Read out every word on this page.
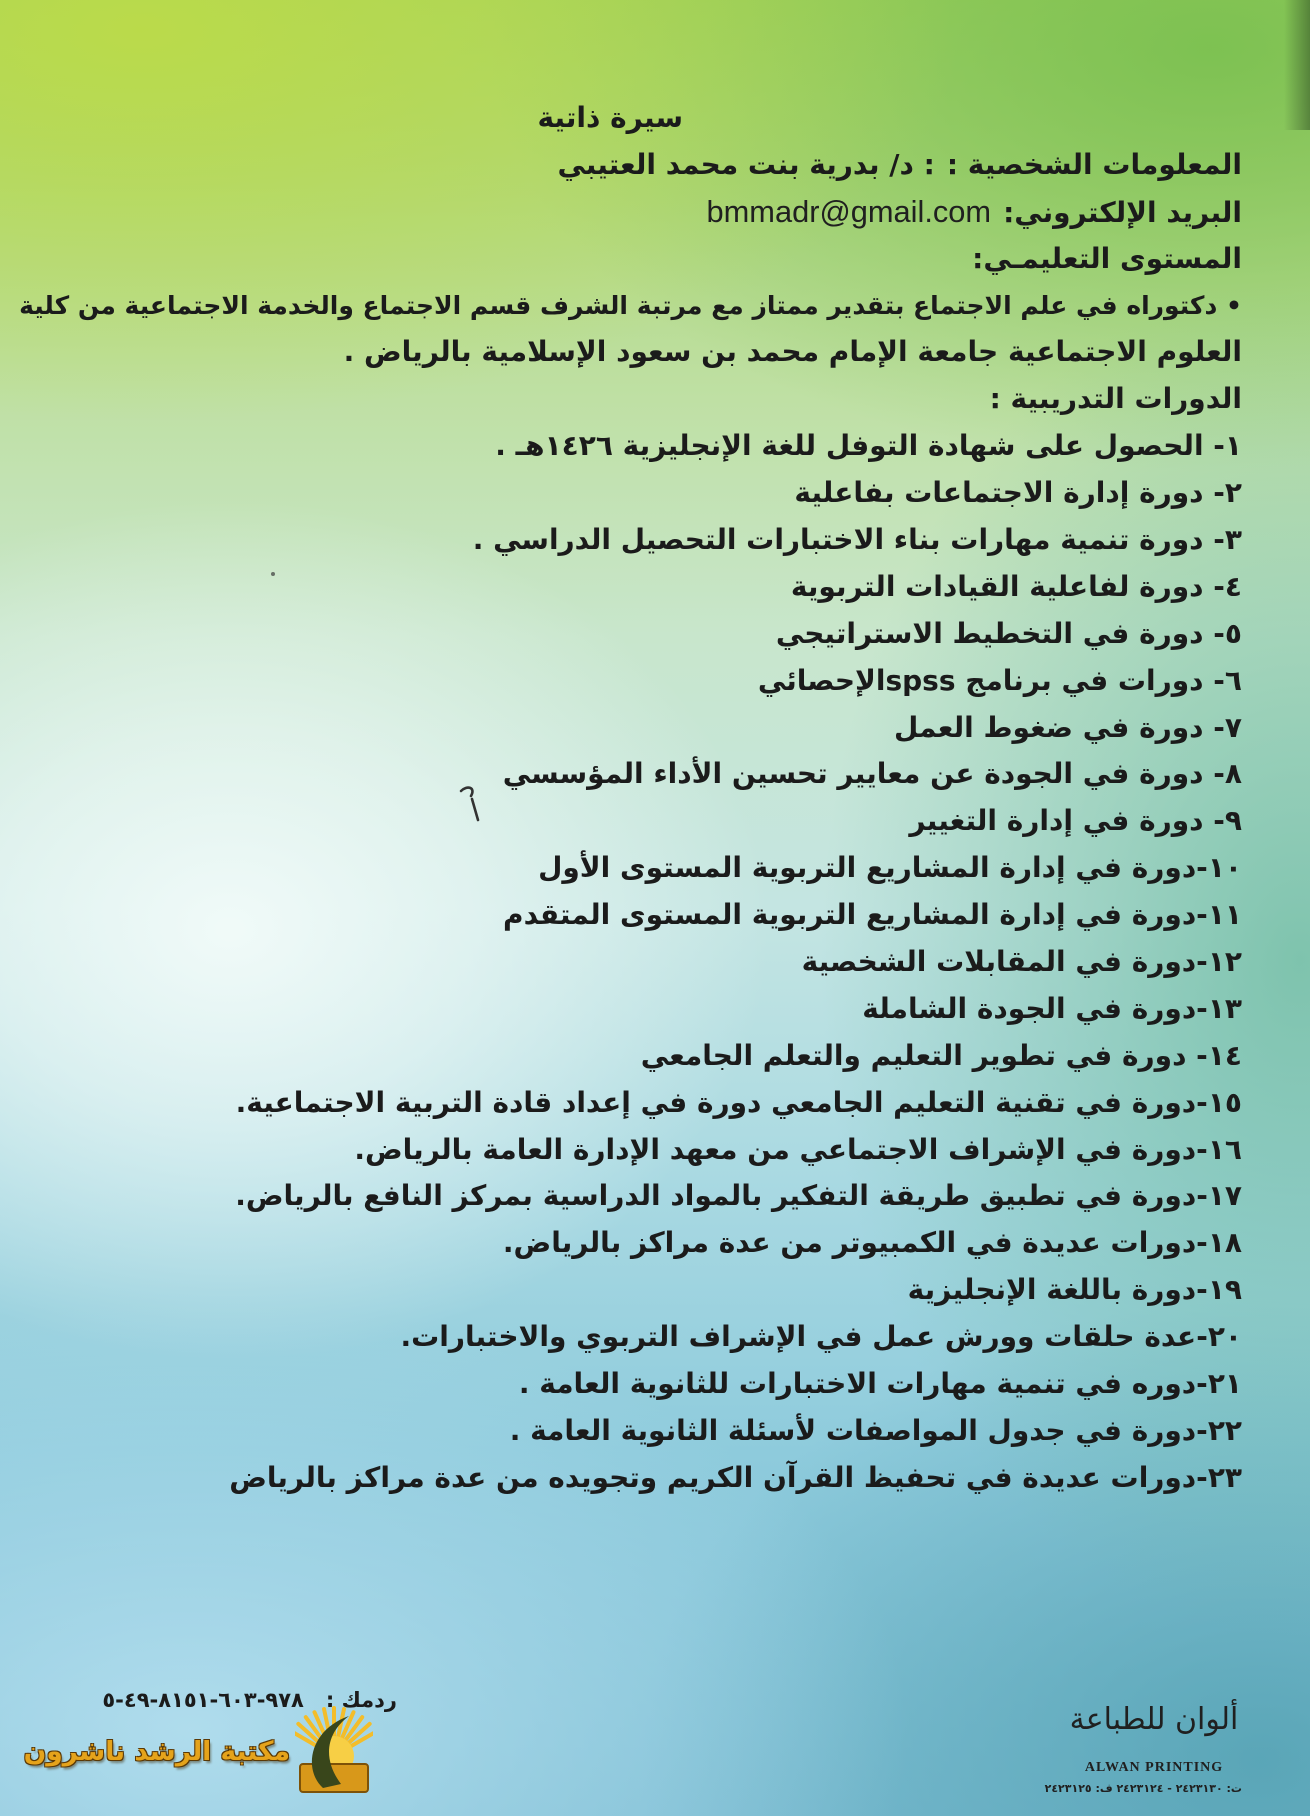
سيرة ذاتية
المعلومات الشخصية :: د/ بدرية بنت محمد العتيبي
البريد الإلكتروني:bmmadr@gmail.com
المستوى التعليمـي:
• دكتوراه في علم الاجتماع بتقدير ممتاز مع مرتبة الشرف قسم الاجتماع والخدمة الاجتماعية من كلية
العلوم الاجتماعية جامعة الإمام محمد بن سعود الإسلامية بالرياض .
الدورات التدريبية :
١- الحصول على شهادة التوفل للغة الإنجليزية ١٤٢٦هـ .
٢- دورة إدارة الاجتماعات بفاعلية
٣- دورة تنمية مهارات بناء الاختبارات التحصيل الدراسي .
٤- دورة لفاعلية القيادات التربوية
٥- دورة في التخطيط الاستراتيجي
٦- دورات في برنامج spssالإحصائي
٧- دورة في ضغوط العمل
٨- دورة في الجودة عن معايير تحسين الأداء المؤسسي
٩- دورة في إدارة التغيير
١٠-دورة في إدارة المشاريع التربوية المستوى الأول
١١-دورة في إدارة المشاريع التربوية المستوى المتقدم
١٢-دورة في المقابلات الشخصية
١٣-دورة في الجودة الشاملة
١٤- دورة في تطوير التعليم والتعلم الجامعي
١٥-دورة في تقنية التعليم الجامعي دورة في إعداد قادة التربية الاجتماعية.
١٦-دورة في الإشراف الاجتماعي من معهد الإدارة العامة بالرياض.
١٧-دورة في تطبيق طريقة التفكير بالمواد الدراسية بمركز النافع بالرياض.
١٨-دورات عديدة في الكمبيوتر من عدة مراكز بالرياض.
١٩-دورة باللغة الإنجليزية
٢٠-عدة حلقات وورش عمل في الإشراف التربوي والاختبارات.
٢١-دوره في تنمية مهارات الاختبارات للثانوية العامة .
٢٢-دورة في جدول المواصفات لأسئلة الثانوية العامة .
٢٣-دورات عديدة في تحفيظ القرآن الكريم وتجويده من عدة مراكز بالرياض
ردمك :٩٧٨-٦٠٣-٨١٥١-٤٩-٥
مكتبة الرشد ناشرون
ألوان للطباعة
ALWAN PRINTING
ت: ٢٤٢٣١٣٠ - ٢٤٢٣١٢٤ ف: ٢٤٢٣١٢٥
